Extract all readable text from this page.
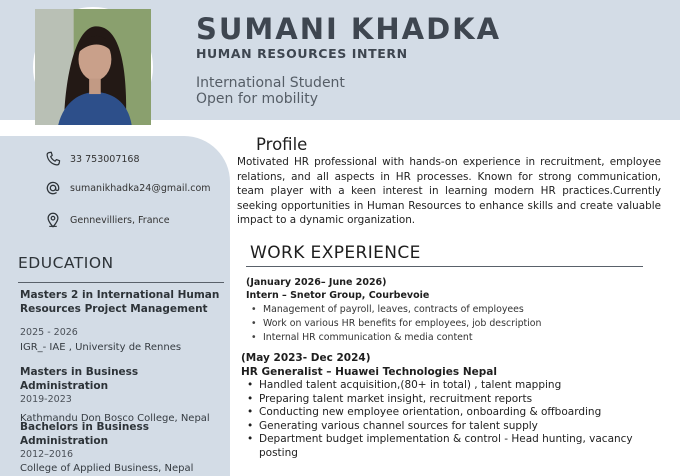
SUMANI KHADKA
HUMAN RESOURCES INTERN
International Student
Open for mobility
33 753007168
sumanikhadka24@gmail.com
Gennevilliers, France
EDUCATION
Masters 2 in International Human Resources Project Management
2025 - 2026
IGR_- IAE , University de Rennes
Masters in Business Administration
2019-2023
Kathmandu Don Bosco College, Nepal
Bachelors in Business Administration
2012–2016
College of Applied Business, Nepal
Profile
Motivated HR professional with hands-on experience in recruitment, employee relations, and all aspects in HR processes. Known for strong communication, team player with a keen interest in learning modern HR practices.Currently seeking opportunities in Human Resources to enhance skills and create valuable impact to a dynamic organization.
WORK EXPERIENCE
(January 2026– June 2026)
Intern – Snetor Group, Courbevoie
• Management of payroll, leaves, contracts of employees
• Work on various HR benefits for employees, job description
• Internal HR communication & media content
(May 2023- Dec 2024)
HR Generalist – Huawei Technologies Nepal
• Handled talent acquisition,(80+ in total) , talent mapping
• Preparing talent market insight, recruitment reports
• Conducting new employee orientation, onboarding & offboarding
• Generating various channel sources for talent supply
• Department budget implementation & control - Head hunting, vacancy posting
